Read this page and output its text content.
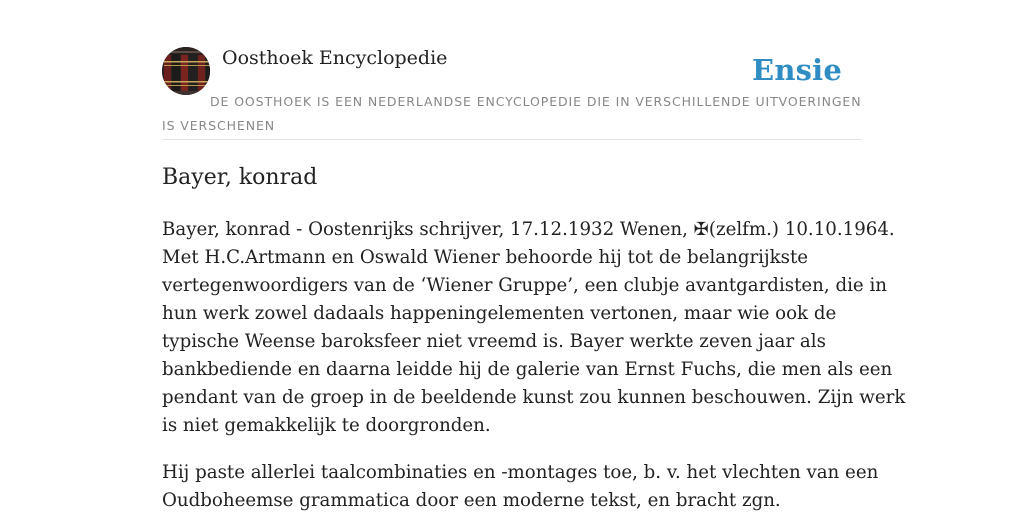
Oosthoek Encyclopedie	Ensie
DE OOSTHOEK IS EEN NEDERLANDSE ENCYCLOPEDIE DIE IN VERSCHILLENDE UITVOERINGEN IS VERSCHENEN
Bayer, konrad

Bayer, konrad - Oostenrijks schrijver, 17.12.1932 Wenen, ✠(zelfm.) 10.10.1964.
Met H.C.Artmann en Oswald Wiener behoorde hij tot de belangrijkste
vertegenwoordigers van de ‘Wiener Gruppe’, een clubje avantgardisten, die in
hun werk zowel dadaals happeningelementen vertonen, maar wie ook de
typische Weense baroksfeer niet vreemd is. Bayer werkte zeven jaar als
bankbediende en daarna leidde hij de galerie van Ernst Fuchs, die men als een
pendant van de groep in de beeldende kunst zou kunnen beschouwen. Zijn werk
is niet gemakkelijk te doorgronden.

Hij paste allerlei taalcombinaties en -montages toe, b. v. het vlechten van een
Oudboheemse grammatica door een moderne tekst, en bracht zgn.
